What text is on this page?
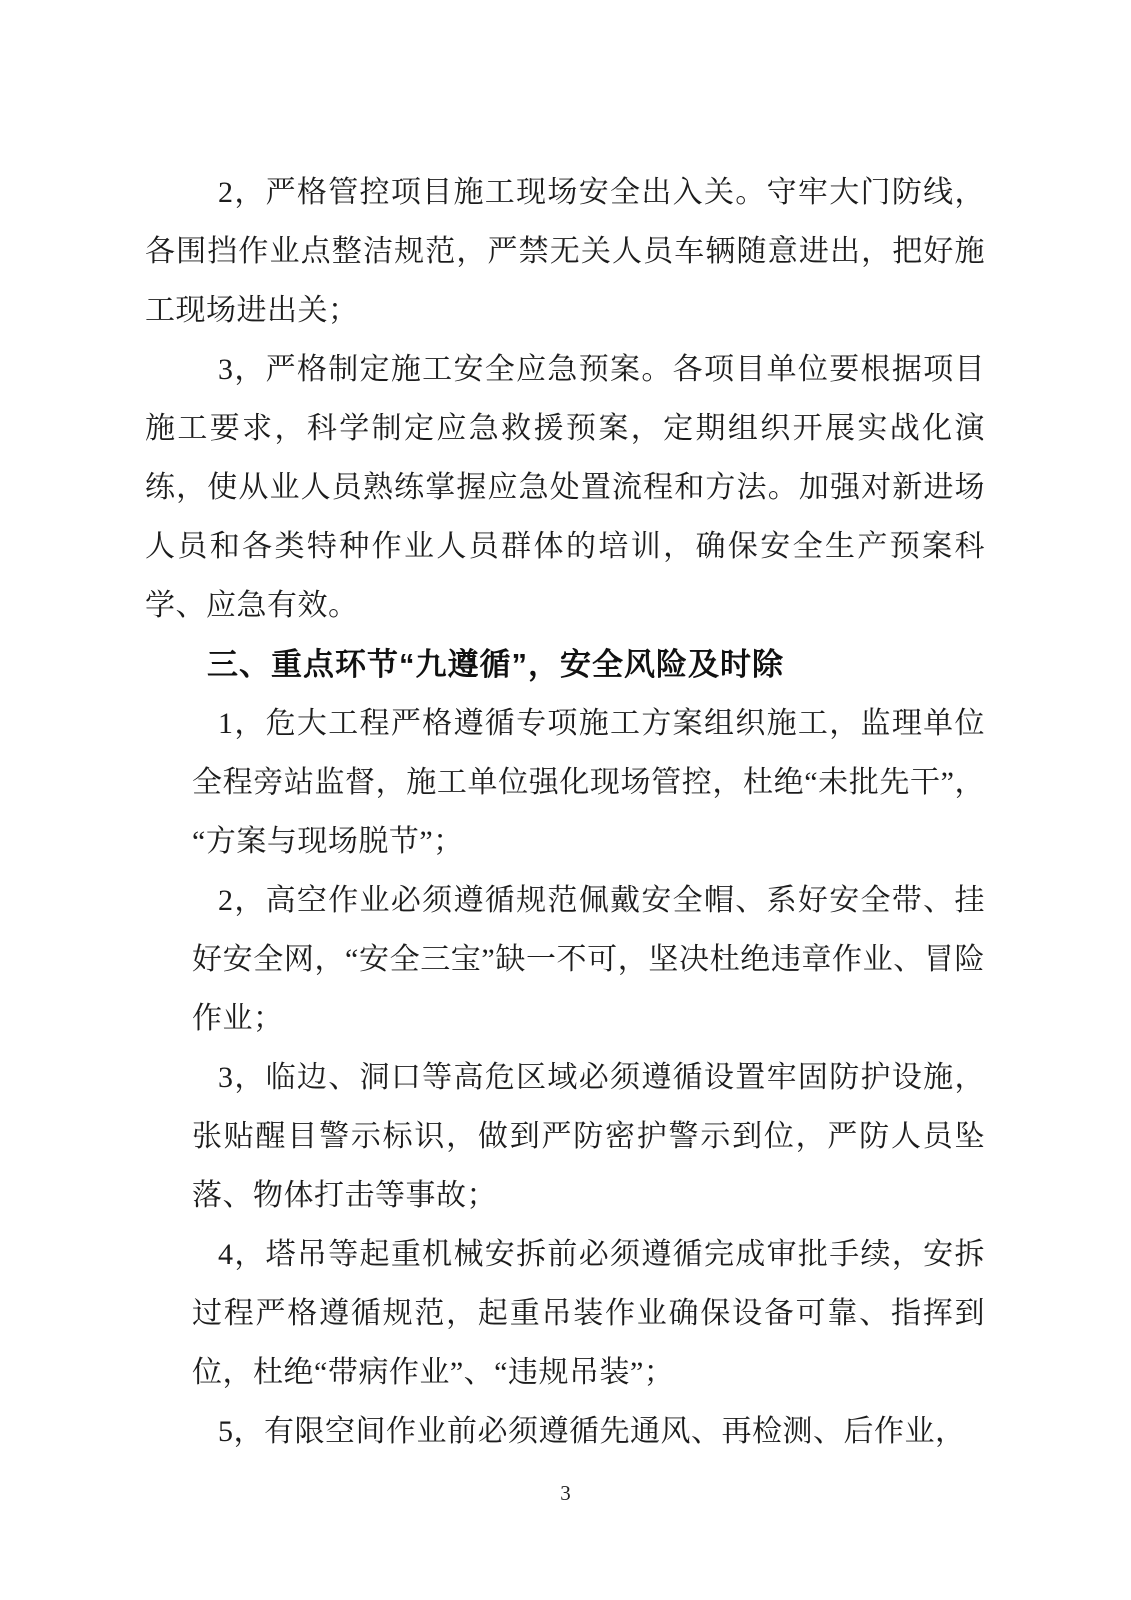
2，严格管控项目施工现场安全出入关。守牢大门防线，各围挡作业点整洁规范，严禁无关人员车辆随意进出，把好施工现场进出关；

3，严格制定施工安全应急预案。各项目单位要根据项目施工要求，科学制定应急救援预案，定期组织开展实战化演练，使从业人员熟练掌握应急处置流程和方法。加强对新进场人员和各类特种作业人员群体的培训，确保安全生产预案科学、应急有效。

三、重点环节“九遵循”，安全风险及时除

1，危大工程严格遵循专项施工方案组织施工，监理单位全程旁站监督，施工单位强化现场管控，杜绝“未批先干”，“方案与现场脱节”；

2，高空作业必须遵循规范佩戴安全帽、系好安全带、挂好安全网，“安全三宝”缺一不可，坚决杜绝违章作业、冒险作业；

3，临边、洞口等高危区域必须遵循设置牢固防护设施，张贴醒目警示标识，做到严防密护警示到位，严防人员坠落、物体打击等事故；

4，塔吊等起重机械安拆前必须遵循完成审批手续，安拆过程严格遵循规范，起重吊装作业确保设备可靠、指挥到位，杜绝“带病作业”、“违规吊装”；

5，有限空间作业前必须遵循先通风、再检测、后作业，

3
